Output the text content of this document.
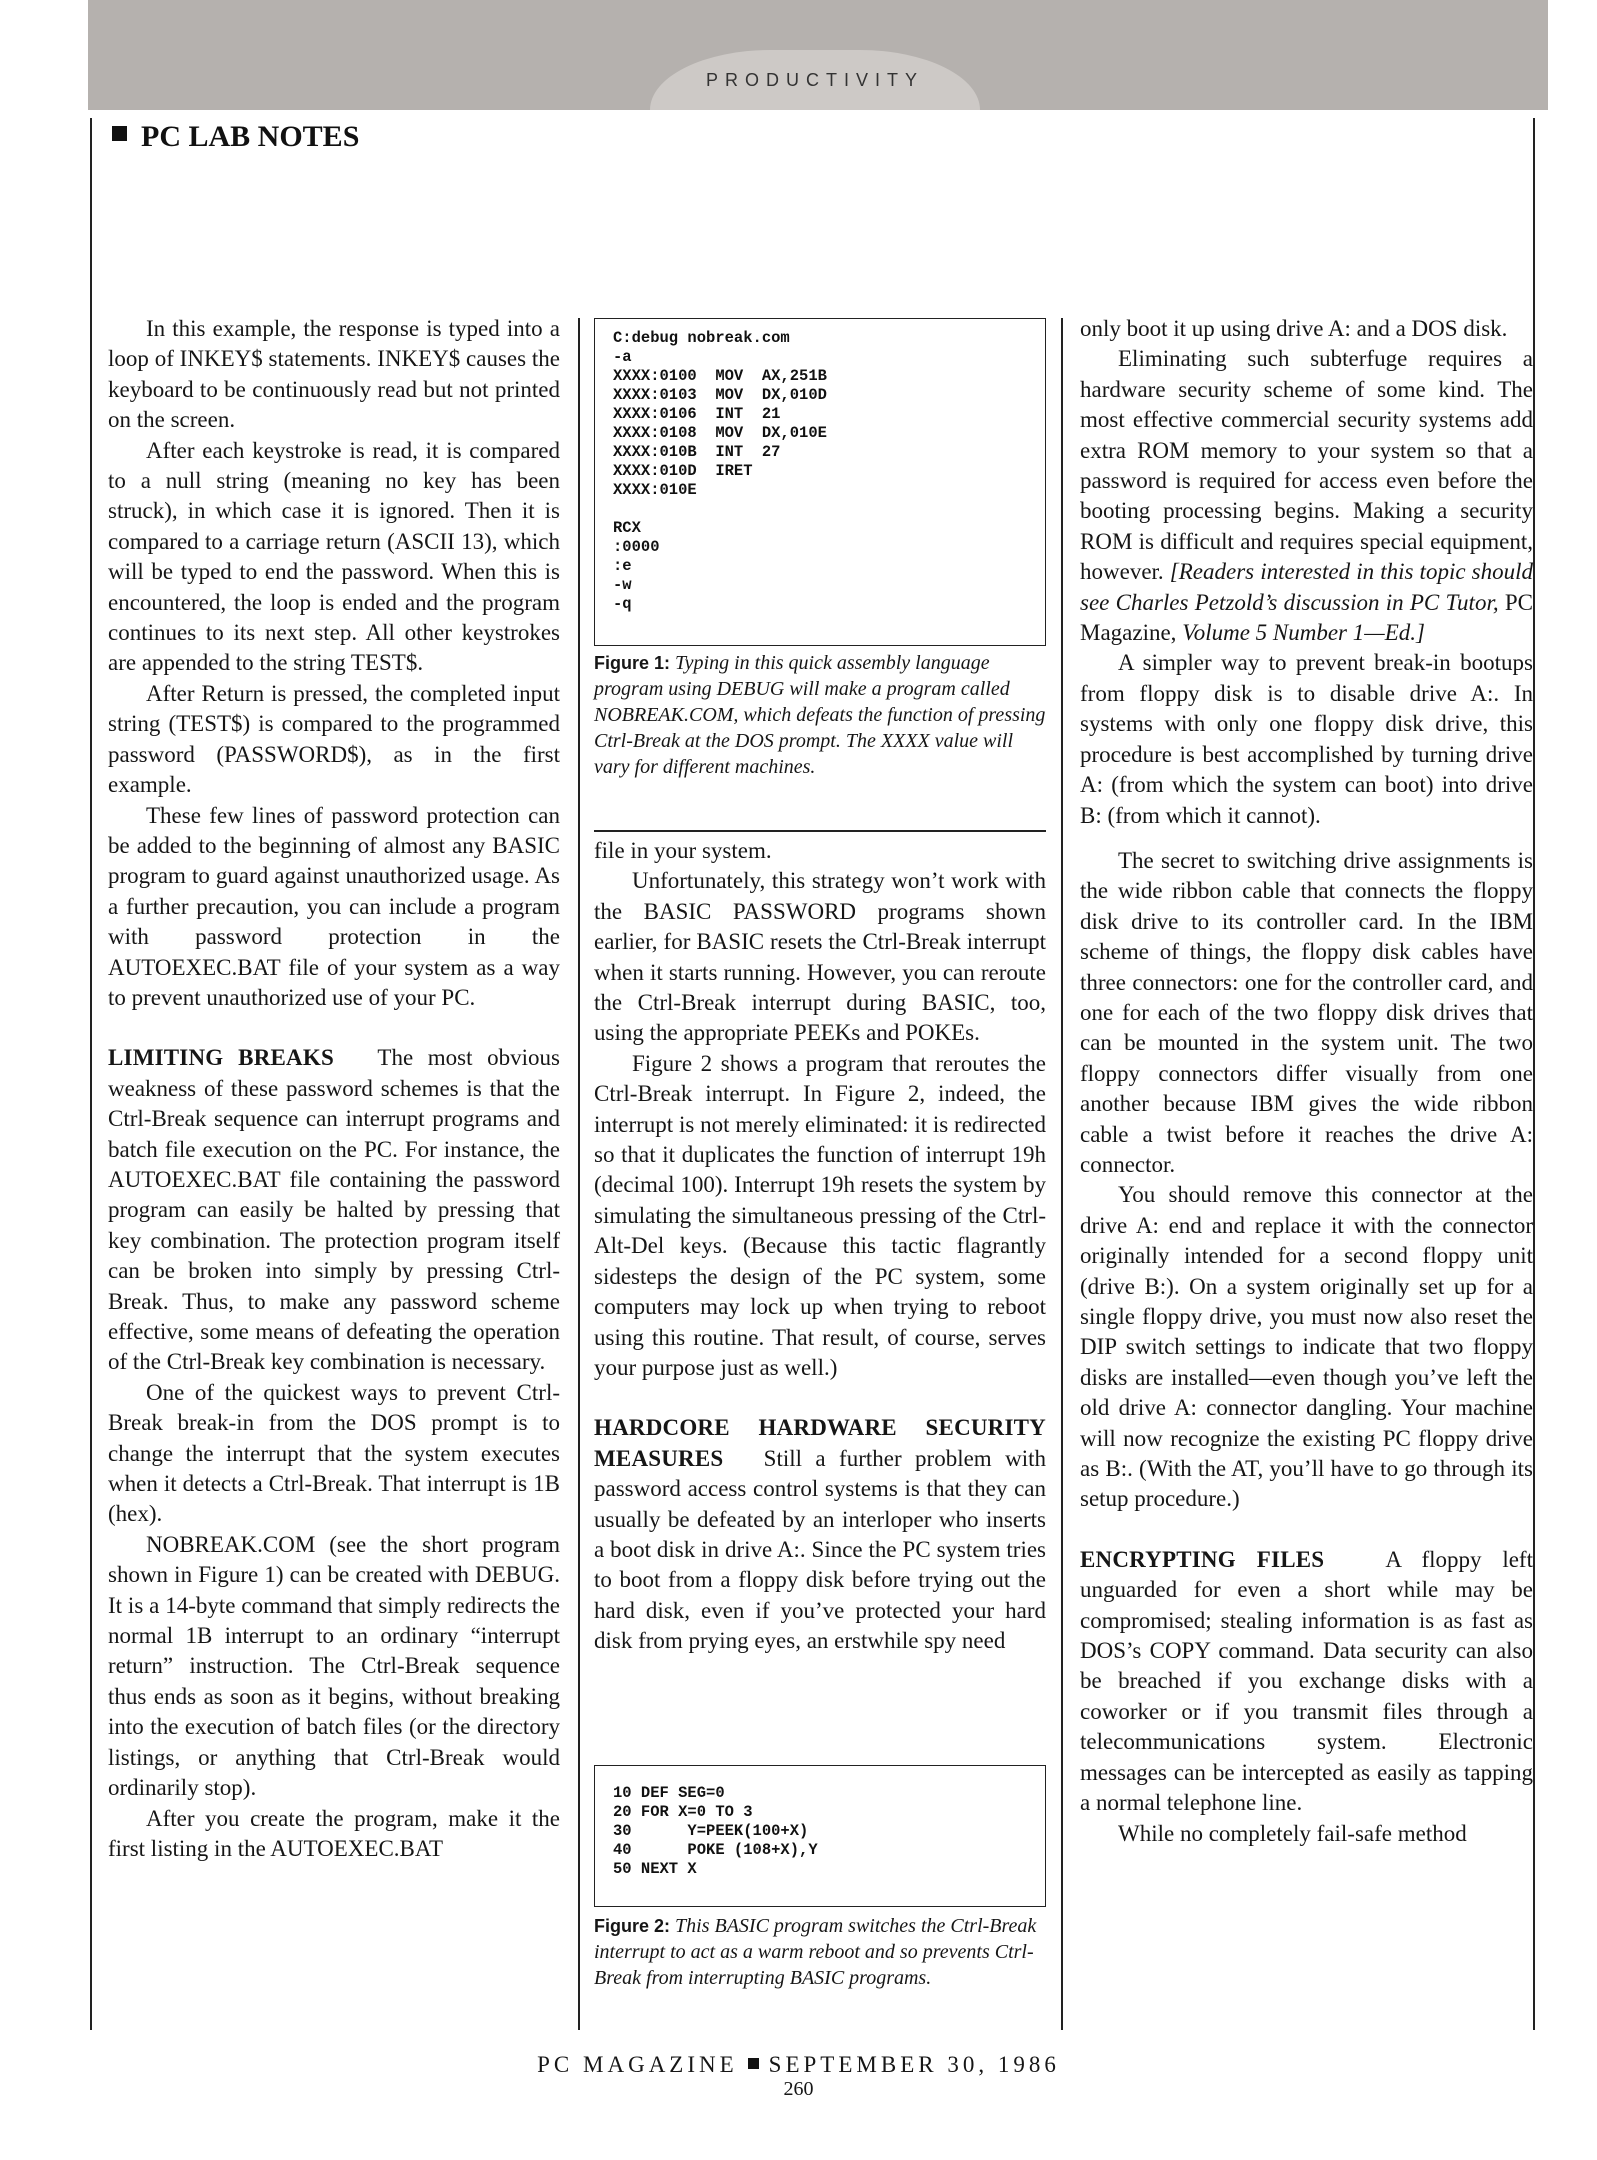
PRODUCTIVITY
PC LAB NOTES

In this example, the response is typed into a loop of INKEY$ statements. INKEY$ causes the keyboard to be continuously read but not printed on the screen.

After each keystroke is read, it is compared to a null string (meaning no key has been struck), in which case it is ignored. Then it is compared to a carriage return (ASCII 13), which will be typed to end the password. When this is encountered, the loop is ended and the program continues to its next step. All other keystrokes are appended to the string TEST$.

After Return is pressed, the completed input string (TEST$) is compared to the programmed password (PASSWORD$), as in the first example.

These few lines of password protection can be added to the beginning of almost any BASIC program to guard against unauthorized usage. As a further precaution, you can include a program with password protection in the AUTOEXEC.BAT file of your system as a way to prevent unauthorized use of your PC.

LIMITING BREAKS The most obvious weakness of these password schemes is that the Ctrl-Break sequence can interrupt programs and batch file execution on the PC. For instance, the AUTOEXEC.BAT file containing the password program can easily be halted by pressing that key combination. The protection program itself can be broken into simply by pressing Ctrl-Break. Thus, to make any password scheme effective, some means of defeating the operation of the Ctrl-Break key combination is necessary.

One of the quickest ways to prevent Ctrl-Break break-in from the DOS prompt is to change the interrupt that the system executes when it detects a Ctrl-Break. That interrupt is 1B (hex).

NOBREAK.COM (see the short program shown in Figure 1) can be created with DEBUG. It is a 14-byte command that simply redirects the normal 1B interrupt to an ordinary “interrupt return” instruction. The Ctrl-Break sequence thus ends as soon as it begins, without breaking into the execution of batch files (or the directory listings, or anything that Ctrl-Break would ordinarily stop).

After you create the program, make it the first listing in the AUTOEXEC.BAT

C:debug nobreak.com
-a
XXXX:0100  MOV  AX,251B
XXXX:0103  MOV  DX,010D
XXXX:0106  INT  21
XXXX:0108  MOV  DX,010E
XXXX:010B  INT  27
XXXX:010D  IRET
XXXX:010E

RCX
:0000
:e
-w
-q
Figure 1: Typing in this quick assembly language program using DEBUG will make a program called NOBREAK.COM, which defeats the function of pressing Ctrl-Break at the DOS prompt. The XXXX value will vary for different machines.

file in your system.

Unfortunately, this strategy won’t work with the BASIC PASSWORD programs shown earlier, for BASIC resets the Ctrl-Break interrupt when it starts running. However, you can reroute the Ctrl-Break interrupt during BASIC, too, using the appropriate PEEKs and POKEs.

Figure 2 shows a program that reroutes the Ctrl-Break interrupt. In Figure 2, indeed, the interrupt is not merely eliminated: it is redirected so that it duplicates the function of interrupt 19h (decimal 100). Interrupt 19h resets the system by simulating the simultaneous pressing of the Ctrl-Alt-Del keys. (Because this tactic flagrantly sidesteps the design of the PC system, some computers may lock up when trying to reboot using this routine. That result, of course, serves your purpose just as well.)

HARDCORE HARDWARE SECURITY MEASURES Still a further problem with password access control systems is that they can usually be defeated by an interloper who inserts a boot disk in drive A:. Since the PC system tries to boot from a floppy disk before trying out the hard disk, even if you’ve protected your hard disk from prying eyes, an erstwhile spy need

10 DEF SEG=0
20 FOR X=0 TO 3
30      Y=PEEK(100+X)
40      POKE (108+X),Y
50 NEXT X
Figure 2: This BASIC program switches the Ctrl-Break interrupt to act as a warm reboot and so prevents Ctrl-Break from interrupting BASIC programs.

only boot it up using drive A: and a DOS disk.

Eliminating such subterfuge requires a hardware security scheme of some kind. The most effective commercial security systems add extra ROM memory to your system so that a password is required for access even before the booting processing begins. Making a security ROM is difficult and requires special equipment, however. [Readers interested in this topic should see Charles Petzold’s discussion in PC Tutor, PC Magazine, Volume 5 Number 1—Ed.]

A simpler way to prevent break-in bootups from floppy disk is to disable drive A:. In systems with only one floppy disk drive, this procedure is best accomplished by turning drive A: (from which the system can boot) into drive B: (from which it cannot).

The secret to switching drive assignments is the wide ribbon cable that connects the floppy disk drive to its controller card. In the IBM scheme of things, the floppy disk cables have three connectors: one for the controller card, and one for each of the two floppy disk drives that can be mounted in the system unit. The two floppy connectors differ visually from one another because IBM gives the wide ribbon cable a twist before it reaches the drive A: connector.

You should remove this connector at the drive A: end and replace it with the connector originally intended for a second floppy unit (drive B:). On a system originally set up for a single floppy drive, you must now also reset the DIP switch settings to indicate that two floppy disks are installed—even though you’ve left the old drive A: connector dangling. Your machine will now recognize the existing PC floppy drive as B:. (With the AT, you’ll have to go through its setup procedure.)

ENCRYPTING FILES	A floppy left unguarded for even a short while may be compromised; stealing information is as fast as DOS’s COPY command. Data security can also be breached if you exchange disks with a coworker or if you transmit files through a telecommunications system. Electronic messages can be intercepted as easily as tapping a normal telephone line.

While no completely fail-safe method

PC MAGAZINE SEPTEMBER 30, 1986
260
